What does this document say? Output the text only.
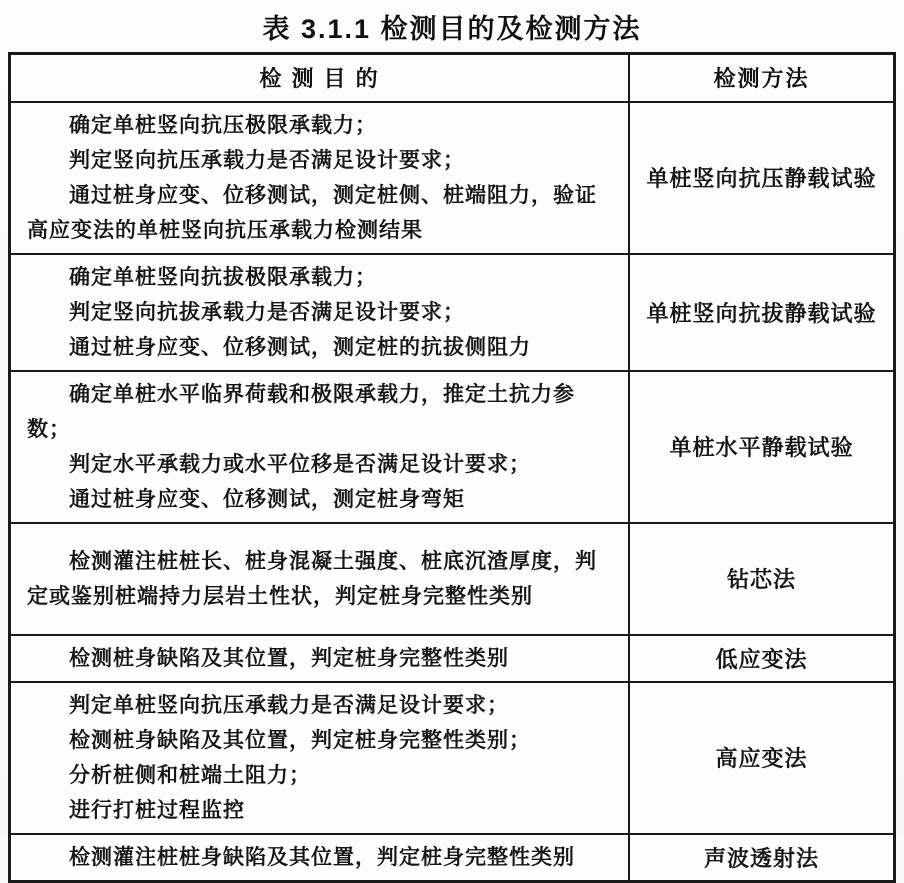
表 3.1.1 检测目的及检测方法
检 测 目 的	检测方法

确定单桩竖向抗压极限承载力；

判定竖向抗压承载力是否满足设计要求；

通过桩身应变、位移测试，测定桩侧、桩端阻力，验证高应变法的单桩竖向抗压承载力检测结果	单桩竖向抗压静载试验

确定单桩竖向抗拔极限承载力；

判定竖向抗拔承载力是否满足设计要求；

通过桩身应变、位移测试，测定桩的抗拔侧阻力	单桩竖向抗拔静载试验

确定单桩水平临界荷载和极限承载力，推定土抗力参数；

判定水平承载力或水平位移是否满足设计要求；

通过桩身应变、位移测试，测定桩身弯矩	单桩水平静载试验

检测灌注桩桩长、桩身混凝土强度、桩底沉渣厚度，判定或鉴别桩端持力层岩土性状，判定桩身完整性类别	钻芯法

检测桩身缺陷及其位置，判定桩身完整性类别	低应变法

判定单桩竖向抗压承载力是否满足设计要求；

检测桩身缺陷及其位置，判定桩身完整性类别；

分析桩侧和桩端土阻力；

进行打桩过程监控	高应变法

检测灌注桩桩身缺陷及其位置，判定桩身完整性类别	声波透射法
